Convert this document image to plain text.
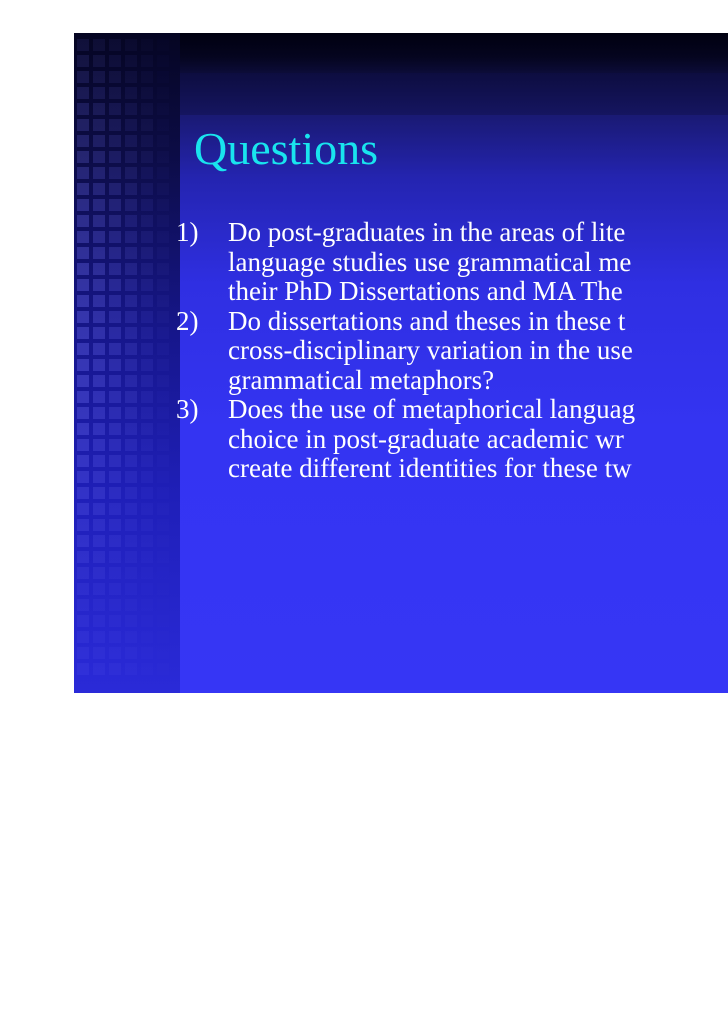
Questions
1) Do post-graduates in the areas of lite
language studies use grammatical me
their PhD Dissertations and MA The
2) Do dissertations and theses in these t
cross-disciplinary variation in the use
grammatical metaphors?
3) Does the use of metaphorical languag
choice in post-graduate academic wr
create different identities for these tw
